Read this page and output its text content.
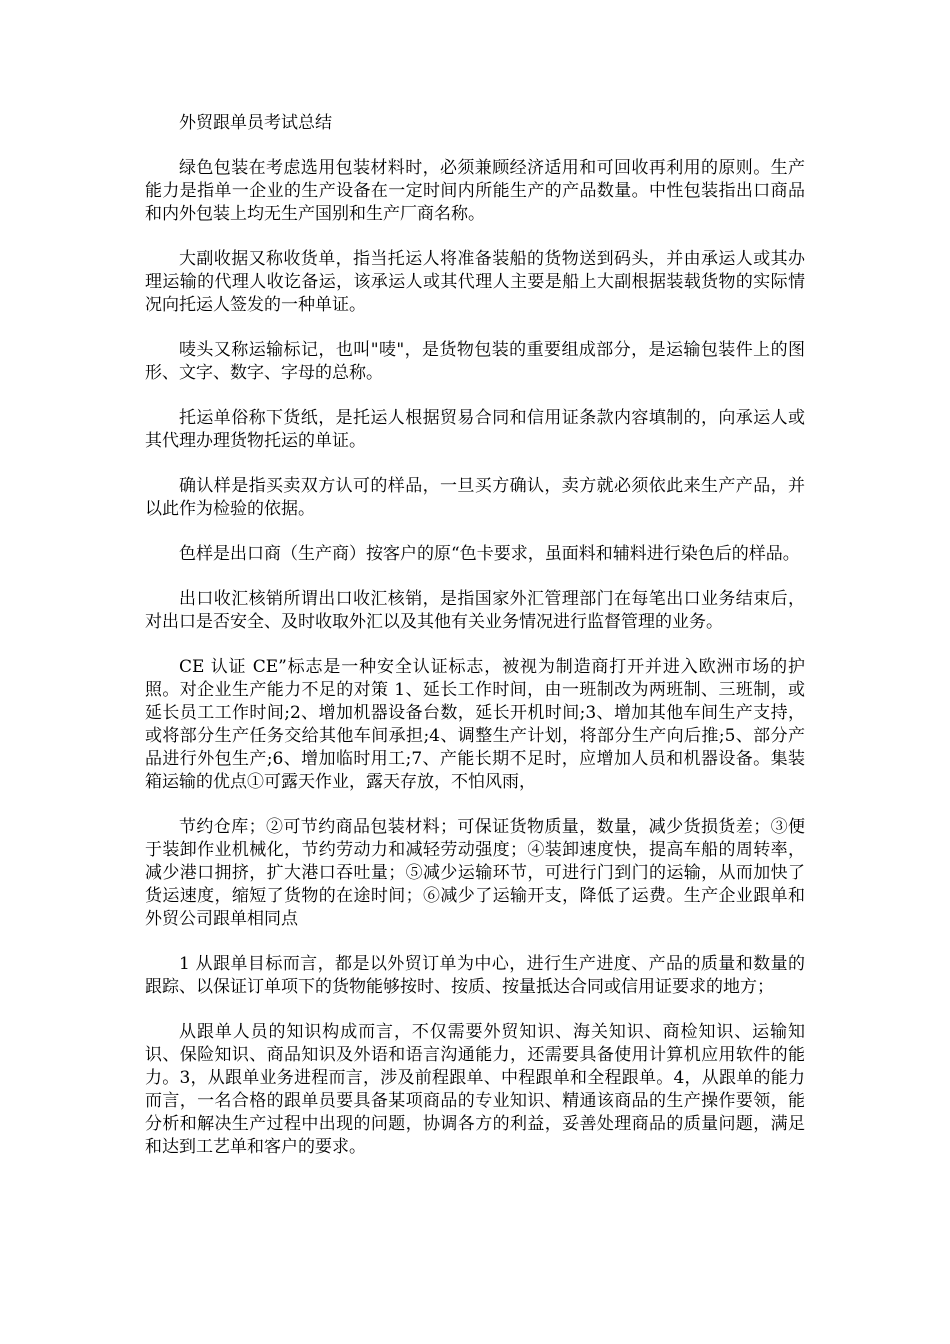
外贸跟单员考试总结

绿色包装在考虑选用包装材料时，必须兼顾经济适用和可回收再利用的原则。生产能力是指单一企业的生产设备在一定时间内所能生产的产品数量。中性包装指出口商品和内外包装上均无生产国别和生产厂商名称。

大副收据又称收货单，指当托运人将准备装船的货物送到码头，并由承运人或其办理运输的代理人收讫备运，该承运人或其代理人主要是船上大副根据装载货物的实际情况向托运人签发的一种单证。

唛头又称运输标记，也叫"唛"，是货物包装的重要组成部分，是运输包装件上的图形、文字、数字、字母的总称。

托运单俗称下货纸，是托运人根据贸易合同和信用证条款内容填制的，向承运人或其代理办理货物托运的单证。

确认样是指买卖双方认可的样品，一旦买方确认，卖方就必须依此来生产产品，并以此作为检验的依据。

色样是出口商（生产商）按客户的原“色卡要求，虽面料和辅料进行染色后的样品。

出口收汇核销所谓出口收汇核销，是指国家外汇管理部门在每笔出口业务结束后，对出口是否安全、及时收取外汇以及其他有关业务情况进行监督管理的业务。

CE 认证 CE”标志是一种安全认证标志，被视为制造商打开并进入欧洲市场的护照。对企业生产能力不足的对策 1、延长工作时间，由一班制改为两班制、三班制，或延长员工工作时间;2、增加机器设备台数，延长开机时间;3、增加其他车间生产支持，或将部分生产任务交给其他车间承担;4、调整生产计划，将部分生产向后推;5、部分产品进行外包生产;6、增加临时用工;7、产能长期不足时，应增加人员和机器设备。集装箱运输的优点①可露天作业，露天存放，不怕风雨，

节约仓库；②可节约商品包装材料；可保证货物质量，数量，减少货损货差；③便于装卸作业机械化，节约劳动力和减轻劳动强度；④装卸速度快，提高车船的周转率，减少港口拥挤，扩大港口吞吐量；⑤减少运输环节，可进行门到门的运输，从而加快了货运速度，缩短了货物的在途时间；⑥减少了运输开支，降低了运费。生产企业跟单和外贸公司跟单相同点

1 从跟单目标而言，都是以外贸订单为中心，进行生产进度、产品的质量和数量的跟踪、以保证订单项下的货物能够按时、按质、按量抵达合同或信用证要求的地方；

从跟单人员的知识构成而言，不仅需要外贸知识、海关知识、商检知识、运输知识、保险知识、商品知识及外语和语言沟通能力，还需要具备使用计算机应用软件的能力。3，从跟单业务进程而言，涉及前程跟单、中程跟单和全程跟单。4，从跟单的能力而言，一名合格的跟单员要具备某项商品的专业知识、精通该商品的生产操作要领，能分析和解决生产过程中出现的问题，协调各方的利益，妥善处理商品的质量问题，满足和达到工艺单和客户的要求。
